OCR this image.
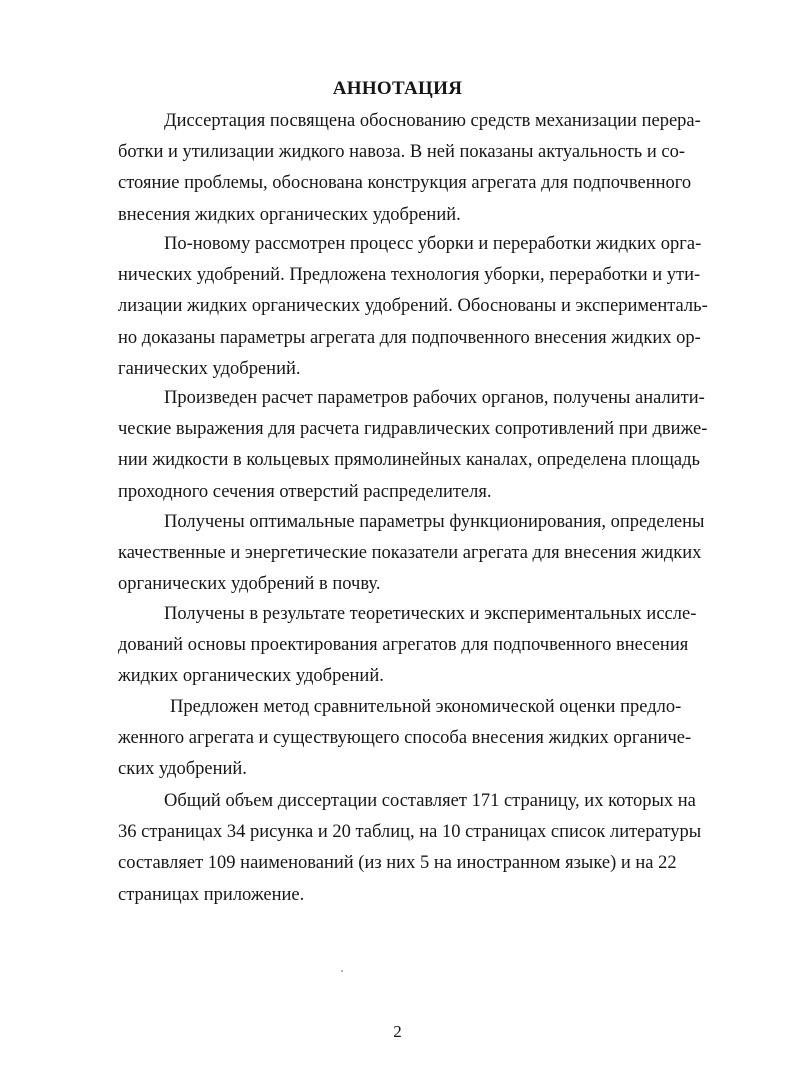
АННОТАЦИЯ
Диссертация посвящена обоснованию средств механизации перера-
ботки и утилизации жидкого навоза. В ней показаны актуальность и со-
стояние проблемы, обоснована конструкция агрегата для подпочвенного
внесения жидких органических удобрений.
По-новому рассмотрен процесс уборки и переработки жидких орга-
нических удобрений. Предложена технология уборки, переработки и ути-
лизации жидких органических удобрений. Обоснованы и эксперименталь-
но доказаны параметры агрегата для подпочвенного внесения жидких ор-
ганических удобрений.
Произведен расчет параметров рабочих органов, получены аналити-
ческие выражения для расчета гидравлических сопротивлений при движе-
нии жидкости в кольцевых прямолинейных каналах, определена площадь
проходного сечения отверстий распределителя.
Получены оптимальные параметры функционирования, определены
качественные и энергетические показатели агрегата для внесения жидких
органических удобрений в почву.
Получены в результате теоретических и экспериментальных иссле-
дований основы проектирования агрегатов для подпочвенного внесения
жидких органических удобрений.
Предложен метод сравнительной экономической оценки предло-
женного агрегата и существующего способа внесения жидких органиче-
ских удобрений.
Общий объем диссертации составляет 171 страницу, их которых на
36 страницах 34 рисунка и 20 таблиц, на 10 страницах список литературы
составляет 109 наименований (из них 5 на иностранном языке) и на 22
страницах приложение.
2
